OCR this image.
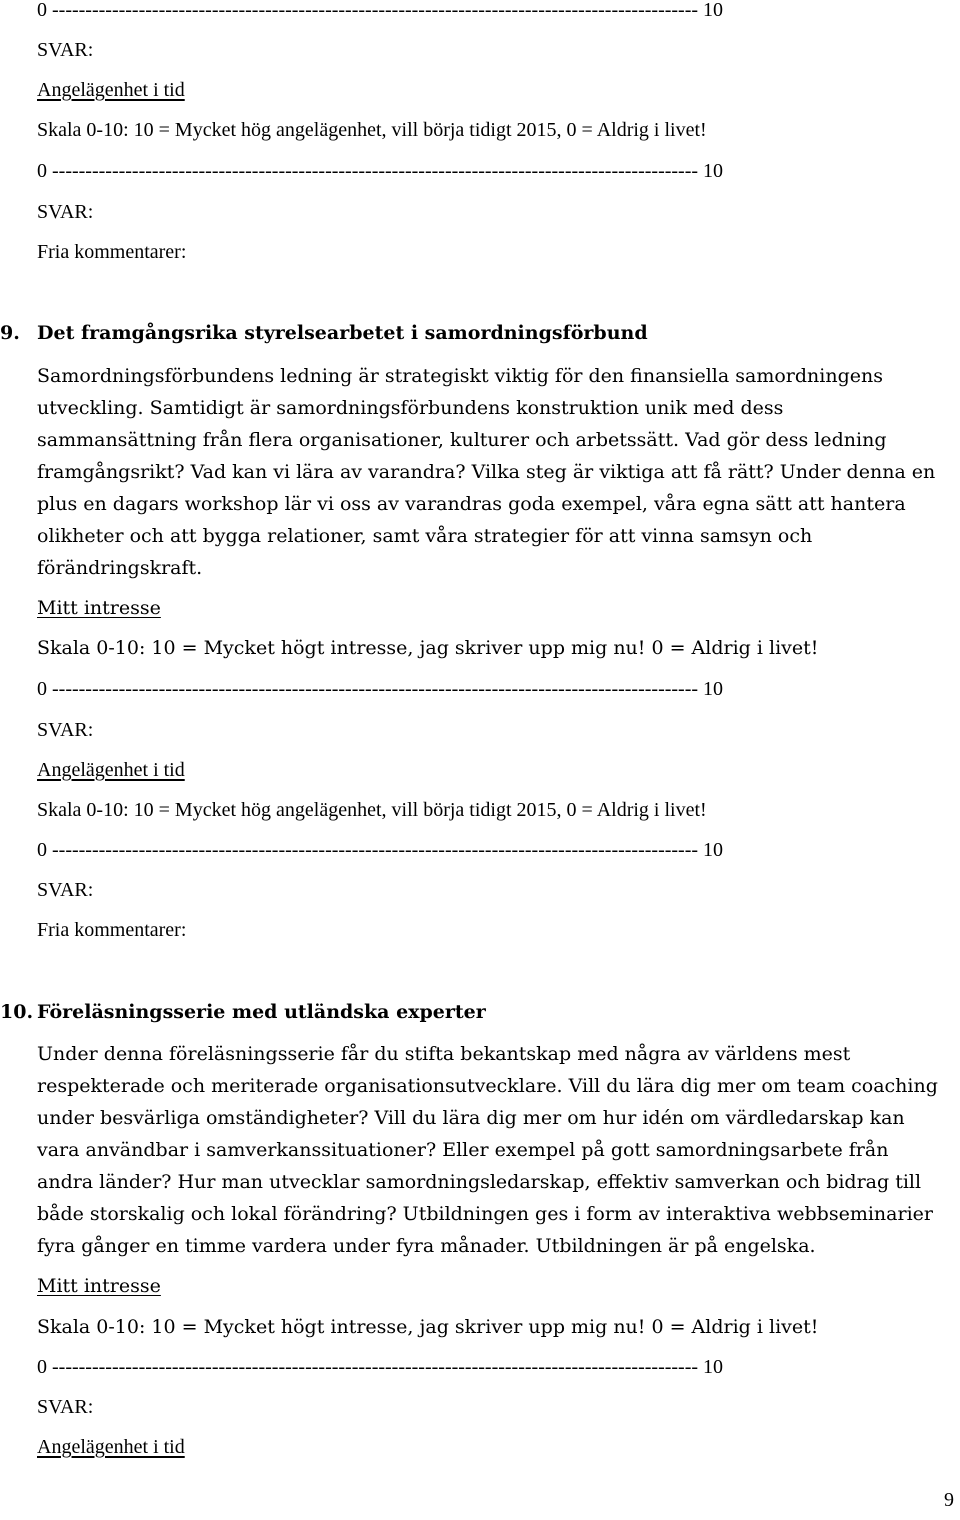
0 ------------------------------------------------------------------------------------------------- 10
SVAR:
Angelägenhet i tid
Skala 0-10: 10 = Mycket hög angelägenhet, vill börja tidigt 2015, 0 = Aldrig i livet!
0 ------------------------------------------------------------------------------------------------- 10
SVAR:
Fria kommentarer:
9. Det framgångsrika styrelsearbetet i samordningsförbund
Samordningsförbundens ledning är strategiskt viktig för den finansiella samordningens
utveckling. Samtidigt är samordningsförbundens konstruktion unik med dess
sammansättning från flera organisationer, kulturer och arbetssätt. Vad gör dess ledning
framgångsrikt? Vad kan vi lära av varandra? Vilka steg är viktiga att få rätt? Under denna en
plus en dagars workshop lär vi oss av varandras goda exempel, våra egna sätt att hantera
olikheter och att bygga relationer, samt våra strategier för att vinna samsyn och
förändringskraft.
Mitt intresse
Skala 0-10: 10 = Mycket högt intresse, jag skriver upp mig nu! 0 = Aldrig i livet!
0 ------------------------------------------------------------------------------------------------- 10
SVAR:
Angelägenhet i tid
Skala 0-10: 10 = Mycket hög angelägenhet, vill börja tidigt 2015, 0 = Aldrig i livet!
0 ------------------------------------------------------------------------------------------------- 10
SVAR:
Fria kommentarer:
10. Föreläsningsserie med utländska experter
Under denna föreläsningsserie får du stifta bekantskap med några av världens mest
respekterade och meriterade organisationsutvecklare. Vill du lära dig mer om team coaching
under besvärliga omständigheter? Vill du lära dig mer om hur idén om värdledarskap kan
vara användbar i samverkanssituationer? Eller exempel på gott samordningsarbete från
andra länder? Hur man utvecklar samordningsledarskap, effektiv samverkan och bidrag till
både storskalig och lokal förändring? Utbildningen ges i form av interaktiva webbseminarier
fyra gånger en timme vardera under fyra månader. Utbildningen är på engelska.
Mitt intresse
Skala 0-10: 10 = Mycket högt intresse, jag skriver upp mig nu! 0 = Aldrig i livet!
0 ------------------------------------------------------------------------------------------------- 10
SVAR:
Angelägenhet i tid
9
